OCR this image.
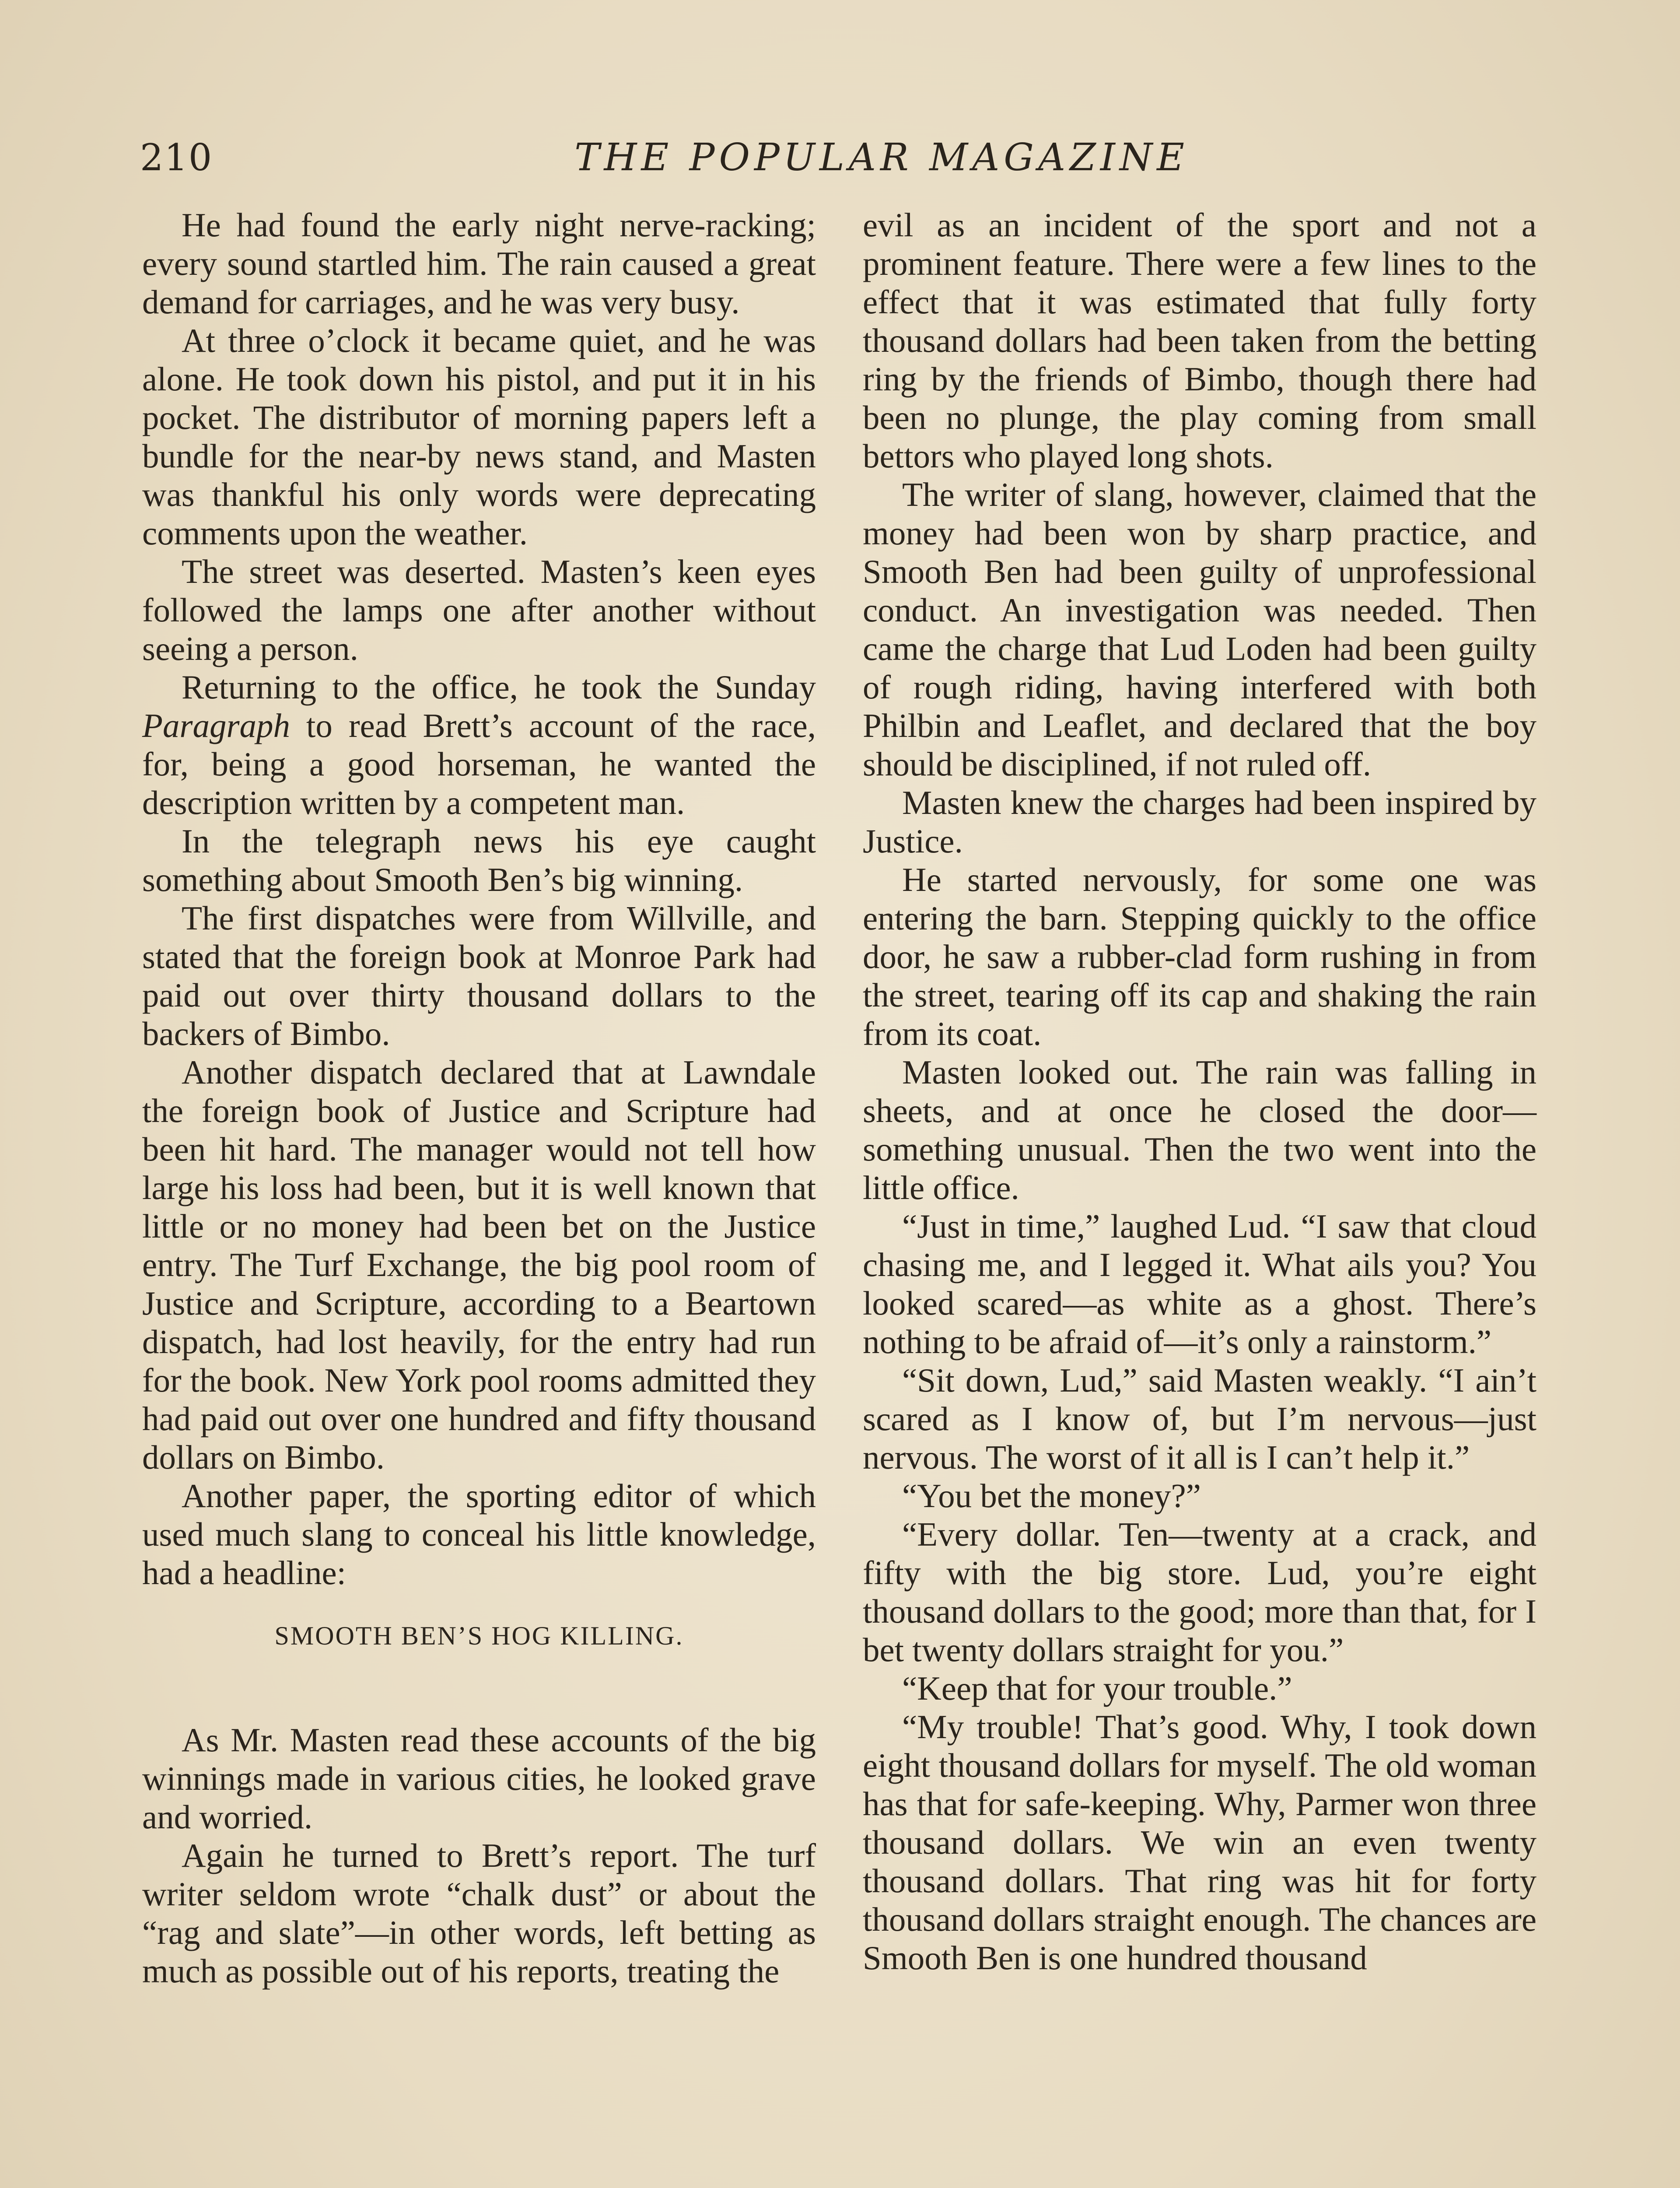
210	THE POPULAR MAGAZINE

He had found the early night nerve-racking; every sound startled him. The rain caused a great demand for carriages, and he was very busy.

At three o’clock it became quiet, and he was alone. He took down his pistol, and put it in his pocket. The distributor of morning papers left a bundle for the near-by news stand, and Masten was thankful his only words were deprecating comments upon the weather.

The street was deserted. Masten’s keen eyes followed the lamps one after another without seeing a person.

Returning to the office, he took the Sunday Paragraph to read Brett’s account of the race, for, being a good horseman, he wanted the description written by a competent man.

In the telegraph news his eye caught something about Smooth Ben’s big winning.

The first dispatches were from Willville, and stated that the foreign book at Monroe Park had paid out over thirty thousand dollars to the backers of Bimbo.

Another dispatch declared that at Lawndale the foreign book of Justice and Scripture had been hit hard. The manager would not tell how large his loss had been, but it is well known that little or no money had been bet on the Justice entry. The Turf Exchange, the big pool room of Justice and Scripture, according to a Beartown dispatch, had lost heavily, for the entry had run for the book. New York pool rooms admitted they had paid out over one hundred and fifty thousand dollars on Bimbo.

Another paper, the sporting editor of which used much slang to conceal his little knowledge, had a headline:

SMOOTH BEN’S HOG KILLING.

As Mr. Masten read these accounts of the big winnings made in various cities, he looked grave and worried.

Again he turned to Brett’s report. The turf writer seldom wrote “chalk dust” or about the “rag and slate”—in other words, left betting as much as possible out of his reports, treating the

evil as an incident of the sport and not a prominent feature. There were a few lines to the effect that it was estimated that fully forty thousand dollars had been taken from the betting ring by the friends of Bimbo, though there had been no plunge, the play coming from small bettors who played long shots.

The writer of slang, however, claimed that the money had been won by sharp practice, and Smooth Ben had been guilty of unprofessional conduct. An investigation was needed. Then came the charge that Lud Loden had been guilty of rough riding, having interfered with both Philbin and Leaflet, and declared that the boy should be disciplined, if not ruled off.

Masten knew the charges had been inspired by Justice.

He started nervously, for some one was entering the barn. Stepping quickly to the office door, he saw a rubber-clad form rushing in from the street, tearing off its cap and shaking the rain from its coat.

Masten looked out. The rain was falling in sheets, and at once he closed the door—something unusual. Then the two went into the little office.

“Just in time,” laughed Lud. “I saw that cloud chasing me, and I legged it. What ails you? You looked scared—as white as a ghost. There’s nothing to be afraid of—it’s only a rainstorm.”

“Sit down, Lud,” said Masten weakly. “I ain’t scared as I know of, but I’m nervous—just nervous. The worst of it all is I can’t help it.”

“You bet the money?”

“Every dollar. Ten—twenty at a crack, and fifty with the big store. Lud, you’re eight thousand dollars to the good; more than that, for I bet twenty dollars straight for you.”

“Keep that for your trouble.”

“My trouble! That’s good. Why, I took down eight thousand dollars for myself. The old woman has that for safe-keeping. Why, Parmer won three thousand dollars. We win an even twenty thousand dollars. That ring was hit for forty thousand dollars straight enough. The chances are Smooth Ben is one hundred thousand
